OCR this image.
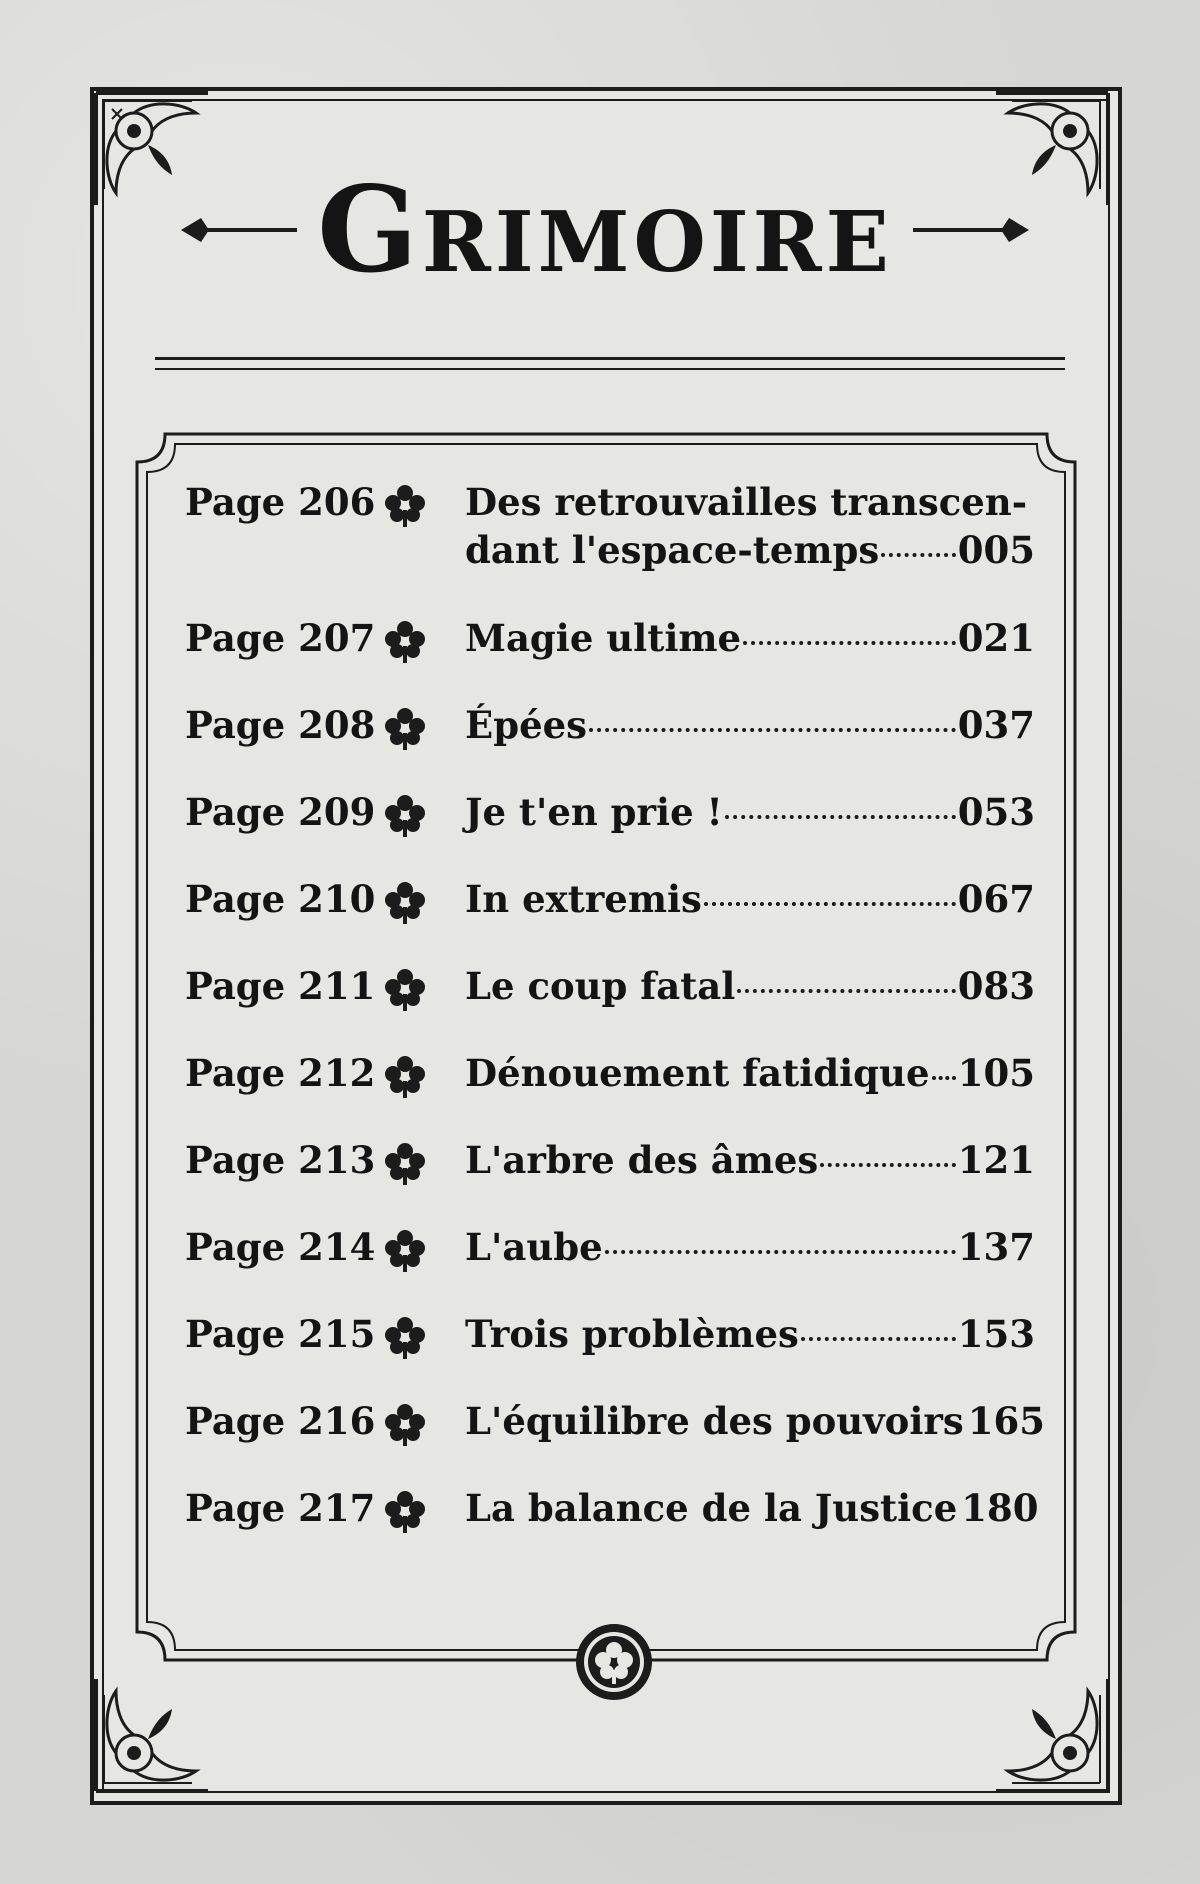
Grimoire
Page 206 Des retrouvailles transcen-
dant l'espace-temps 005
Page 207 Magie ultime	021
Page 208 Épées	037
Page 209 Je t'en prie !	053
Page 210 In extremis	067
Page 211 Le coup fatal	083
Page 212 Dénouement fatidique 105
Page 213 L'arbre des âmes	121
Page 214 L'aube	137
Page 215 Trois problèmes	153
Page 216 L'équilibre des pouvoirs 165
Page 217 La balance de la Justice 180
